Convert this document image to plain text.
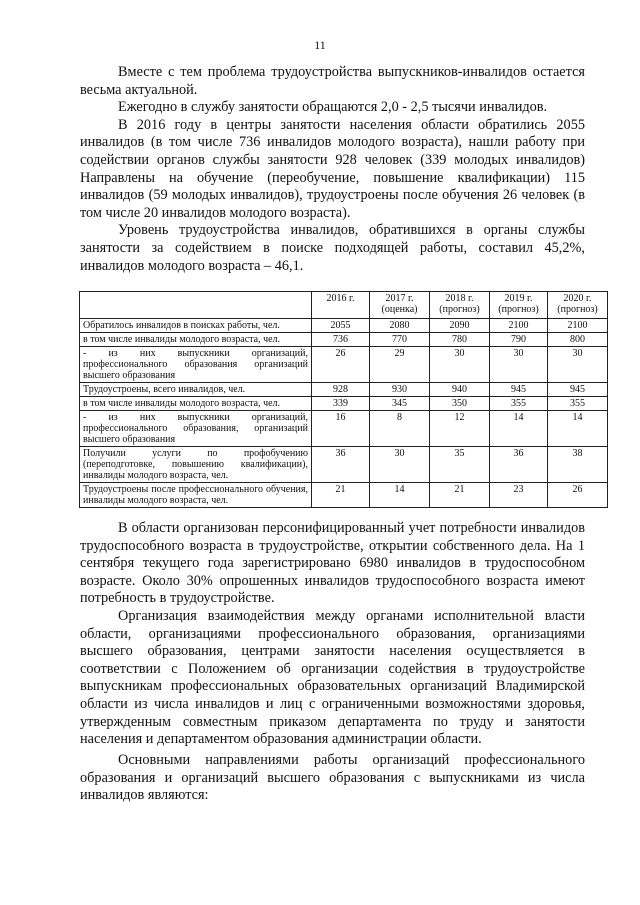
11

Вместе с тем проблема трудоустройства выпускников-инвалидов остается весьма актуальной.

Ежегодно в службу занятости обращаются 2,0 - 2,5 тысячи инвалидов.

В 2016 году в центры занятости населения области обратились 2055 инвалидов (в том числе 736 инвалидов молодого возраста), нашли работу при содействии органов службы занятости 928 человек (339 молодых инвалидов) Направлены на обучение (переобучение, повышение квалификации) 115 инвалидов (59 молодых инвалидов), трудоустроены после обучения 26 человек (в том числе 20 инвалидов молодого возраста).

Уровень трудоустройства инвалидов, обратившихся в органы службы занятости за содействием в поиске подходящей работы, составил 45,2%, инвалидов молодого возраста – 46,1.

	2016 г.	2017 г. (оценка)	2018 г. (прогноз)	2019 г. (прогноз)	2020 г. (прогноз)
Обратилось инвалидов в поисках работы, чел.	2055	2080	2090	2100	2100
в том числе инвалиды молодого возраста, чел.	736	770	780	790	800
- из них выпускники организаций, профессионального образования организаций высшего образования	26	29	30	30	30
Трудоустроены, всего инвалидов, чел.	928	930	940	945	945
в том числе инвалиды молодого возраста, чел.	339	345	350	355	355
- из них выпускники организаций, профессионального образования, организаций высшего образования	16	8	12	14	14
Получили услуги по профобучению (переподготовке, повышению квалификации), инвалиды молодого возраста, чел.	36	30	35	36	38
Трудоустроены после профессионального обучения, инвалиды молодого возраста, чел.	21	14	21	23	26

В области организован персонифицированный учет потребности инвалидов трудоспособного возраста в трудоустройстве, открытии собственного дела. На 1 сентября текущего года зарегистрировано 6980 инвалидов в трудоспособном возрасте. Около 30% опрошенных инвалидов трудоспособного возраста имеют потребность в трудоустройстве.

Организация взаимодействия между органами исполнительной власти области, организациями профессионального образования, организациями высшего образования, центрами занятости населения осуществляется в соответствии с Положением об организации содействия в трудоустройстве выпускникам профессиональных образовательных организаций Владимирской области из числа инвалидов и лиц с ограниченными возможностями здоровья, утвержденным совместным приказом департамента по труду и занятости населения и департаментом образования администрации области.

Основными направлениями работы организаций профессионального образования и организаций высшего образования с выпускниками из числа инвалидов являются:
